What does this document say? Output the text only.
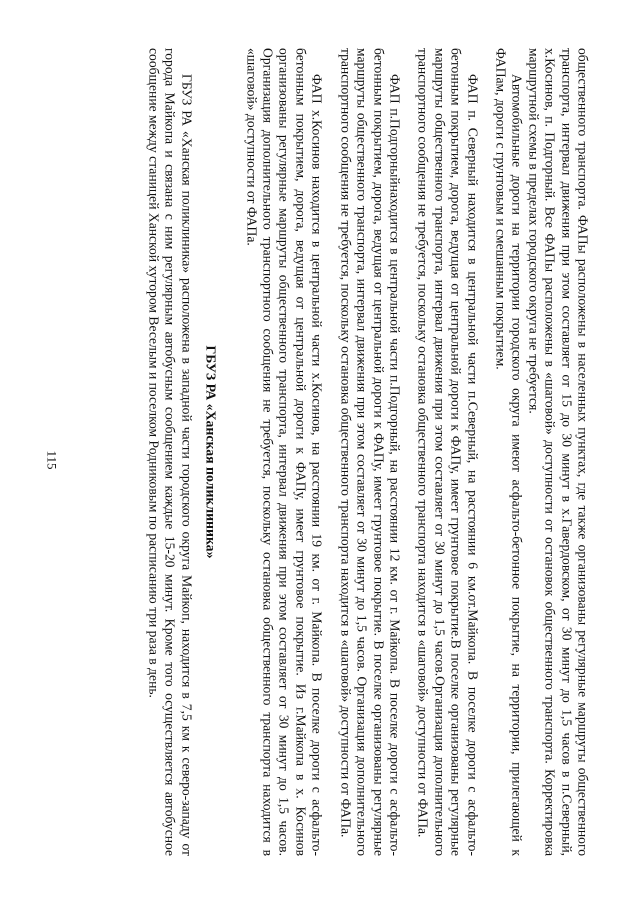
115	общественного транспорта. ФАПы расположены в населенных пунктах, где также организованы регулярные маршруты общественного транспорта, интервал движения при этом составляет от 15 до 30 минут в х.Гавердовском, от 30 минут до 1,5 часов в п.Северный, х.Косинов, п. Подгорный. Все ФАПы расположены в «шаговой» доступности от остановок общественного транспорта. Корректировка маршрутной схемы в пределах городского округа не требуется.

Автомобильные дороги на территории городского округа имеют асфальто-бетонное покрытие, на территории, прилегающей к ФАПам, дороги с грунтовым и смешанным покрытием.

ФАП п. Северный находится в центральной части п.Северный, на расстоянии 6 км.от.Майкопа. В поселке дороги с асфальто-бетонным покрытием, дорога, ведущая от центральной дороги к ФАПу, имеет грунтовое покрытие.В поселке организованы регулярные маршруты общественного транспорта, интервал движения при этом составляет от 30 минут до 1,5 часов.Организация дополнительного транспортного сообщения не требуется, поскольку остановка общественного транспорта находится в «шаговой» доступности от ФАПа.

ФАП п.Подгорныйнаходится в центральной части п.Подгорный, на расстоянии 12 км. от г. Майкопа. В поселке дороги с асфальто-бетонным покрытием, дорога, ведущая от центральной дороги к ФАПу, имеет грунтовое покрытие. В поселке организованы регулярные маршруты общественного транспорта, интервал движения при этом составляет от 30 минут до 1,5 часов. Организация дополнительного транспортного сообщения не требуется, поскольку остановка общественного транспорта находится в «шаговой» доступности от ФАПа.

ФАП х.Косинов находится в центральной части х.Косинов, на расстоянии 19 км. от г. Майкопа. В поселке дороги с асфальто-бетонным покрытием, дорога, ведущая от центральной дороги к ФАПу, имеет грунтовое покрытие. Из г.Майкопа в х. Косинов организованы регулярные маршруты общественного транспорта, интервал движения при этом составляет от 30 минут до 1,5 часов. Организация дополнительного транспортного сообщения не требуется, поскольку остановка общественного транспорта находится в «шаговой» доступности от ФАПа.

ГБУЗ РА «Ханская поликлиника»

ГБУЗ РА «Ханская поликлиника» расположена в западной части городского округа Майкоп, находится в 7,5 км к северо-западу от города Майкопа и связана с ним регулярным автобусным сообщением каждые 15-20 минут. Кроме того осуществляется автобусное сообщение между станицей Ханской хутором Веселым и поселком Родниковым по расписанию три раза в день.
